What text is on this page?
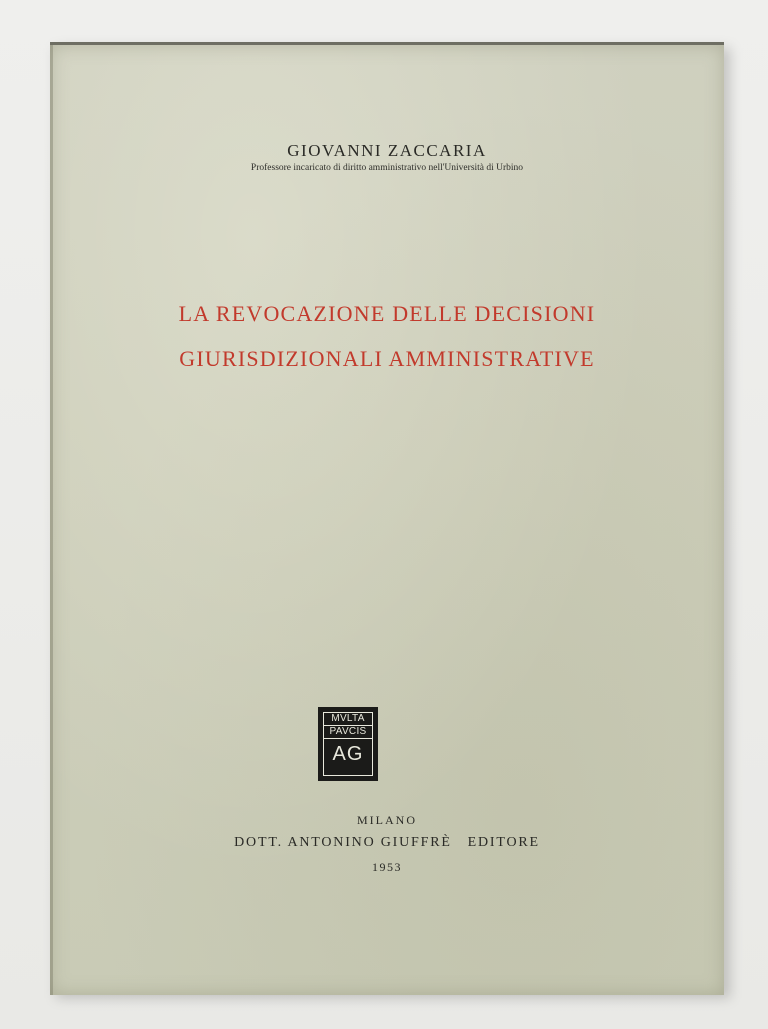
GIOVANNI ZACCARIA
Professore incaricato di diritto amministrativo nell'Università di Urbino
LA REVOCAZIONE DELLE DECISIONI
GIURISDIZIONALI AMMINISTRATIVE
MVLTA
PAVCIS
AG
MILANO
DOTT. ANTONINO GIUFFRÈ   EDITORE
1953
